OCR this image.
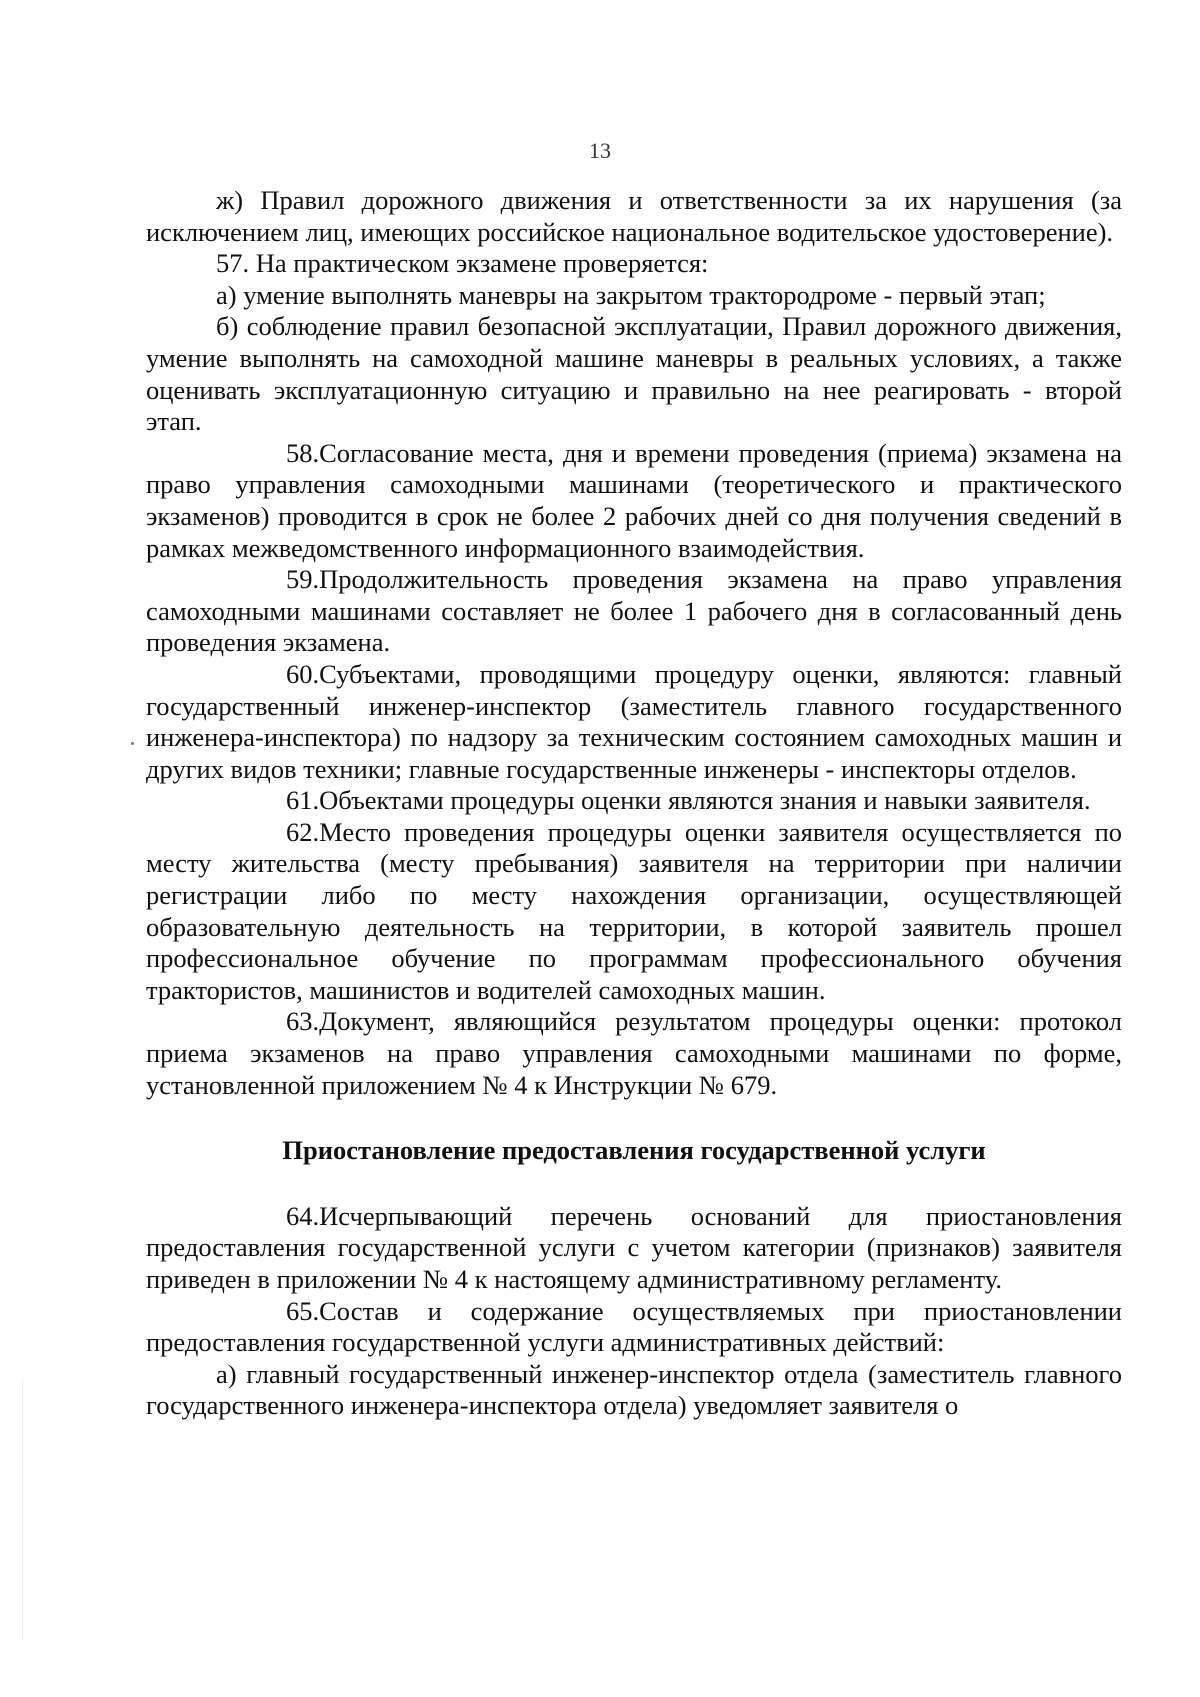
13

ж) Правил дорожного движения и ответственности за их нарушения (за исключением лиц, имеющих российское национальное водительское удостоверение).

57. На практическом экзамене проверяется:

а) умение выполнять маневры на закрытом трактородроме - первый этап;

б) соблюдение правил безопасной эксплуатации, Правил дорожного движения, умение выполнять на самоходной машине маневры в реальных условиях, а также оценивать эксплуатационную ситуацию и правильно на нее реагировать - второй этап.

58.Согласование места, дня и времени проведения (приема) экзамена на право управления самоходными машинами (теоретического и практического экзаменов) проводится в срок не более 2 рабочих дней со дня получения сведений в рамках межведомственного информационного взаимодействия.

59.Продолжительность проведения экзамена на право управления самоходными машинами составляет не более 1 рабочего дня в согласованный день проведения экзамена.

60.Субъектами, проводящими процедуру оценки, являются: главный государственный инженер-инспектор (заместитель главного государственного инженера-инспектора) по надзору за техническим состоянием самоходных машин и других видов техники; главные государственные инженеры - инспекторы отделов.

61.Объектами процедуры оценки являются знания и навыки заявителя.

62.Место проведения процедуры оценки заявителя осуществляется по месту жительства (месту пребывания) заявителя на территории при наличии регистрации либо по месту нахождения организации, осуществляющей образовательную деятельность на территории, в которой заявитель прошел профессиональное обучение по программам профессионального обучения трактористов, машинистов и водителей самоходных машин.

63.Документ, являющийся результатом процедуры оценки: протокол приема экзаменов на право управления самоходными машинами по форме, установленной приложением № 4 к Инструкции № 679.

Приостановление предоставления государственной услуги

64.Исчерпывающий перечень оснований для приостановления предоставления государственной услуги с учетом категории (признаков) заявителя приведен в приложении № 4 к настоящему административному регламенту.

65.Состав и содержание осуществляемых при приостановлении предоставления государственной услуги административных действий:

а) главный государственный инженер-инспектор отдела (заместитель главного государственного инженера-инспектора отдела) уведомляет заявителя о
